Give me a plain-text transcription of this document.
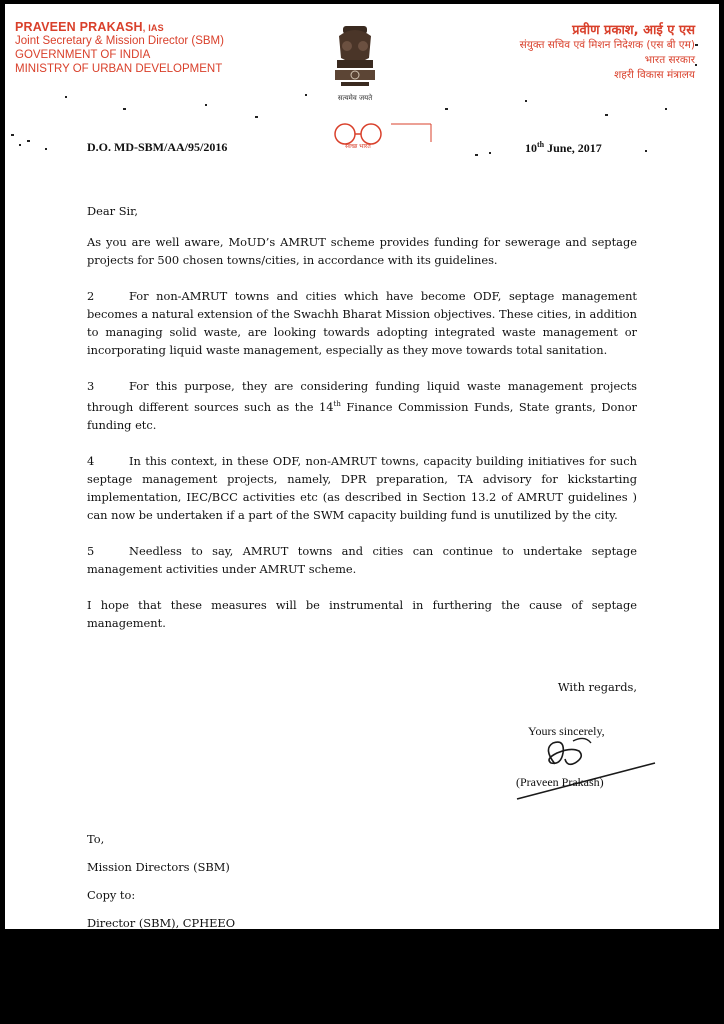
PRAVEEN PRAKASH, IAS
Joint Secretary & Mission Director (SBM)
GOVERNMENT OF INDIA
MINISTRY OF URBAN DEVELOPMENT
सत्यमेव जयते
प्रवीण प्रकाश, आई ए एस
संयुक्त सचिव एवं मिशन निदेशक (एस बी एम)
भारत सरकार
शहरी विकास मंत्रालय
स्वच्छ भारत
D.O. MD-SBM/AA/95/2016	10th June, 2017

Dear Sir,

As you are well aware, MoUD’s AMRUT scheme provides funding for sewerage and septage projects for 500 chosen towns/cities, in accordance with its guidelines.

2	For non-AMRUT towns and cities which have become ODF, septage management becomes a natural extension of the Swachh Bharat Mission objectives. These cities, in addition to managing solid waste, are looking towards adopting integrated waste management or incorporating liquid waste management, especially as they move towards total sanitation.

3	For this purpose, they are considering funding liquid waste management projects through different sources such as the 14th Finance Commission Funds, State grants, Donor funding etc.

4	In this context, in these ODF, non-AMRUT towns, capacity building initiatives for such septage management projects, namely, DPR preparation, TA advisory for kickstarting implementation, IEC/BCC activities etc (as described in Section 13.2 of AMRUT guidelines ) can now be undertaken if a part of the SWM capacity building fund is unutilized by the city.

5	Needless to say, AMRUT towns and cities can continue to undertake septage management activities under AMRUT scheme.

I hope that these measures will be instrumental in furthering the cause of septage management.

With regards,
Yours sincerely,
(Praveen Prakash)
To,
Mission Directors (SBM)
Copy to:
Director (SBM), CPHEEO
